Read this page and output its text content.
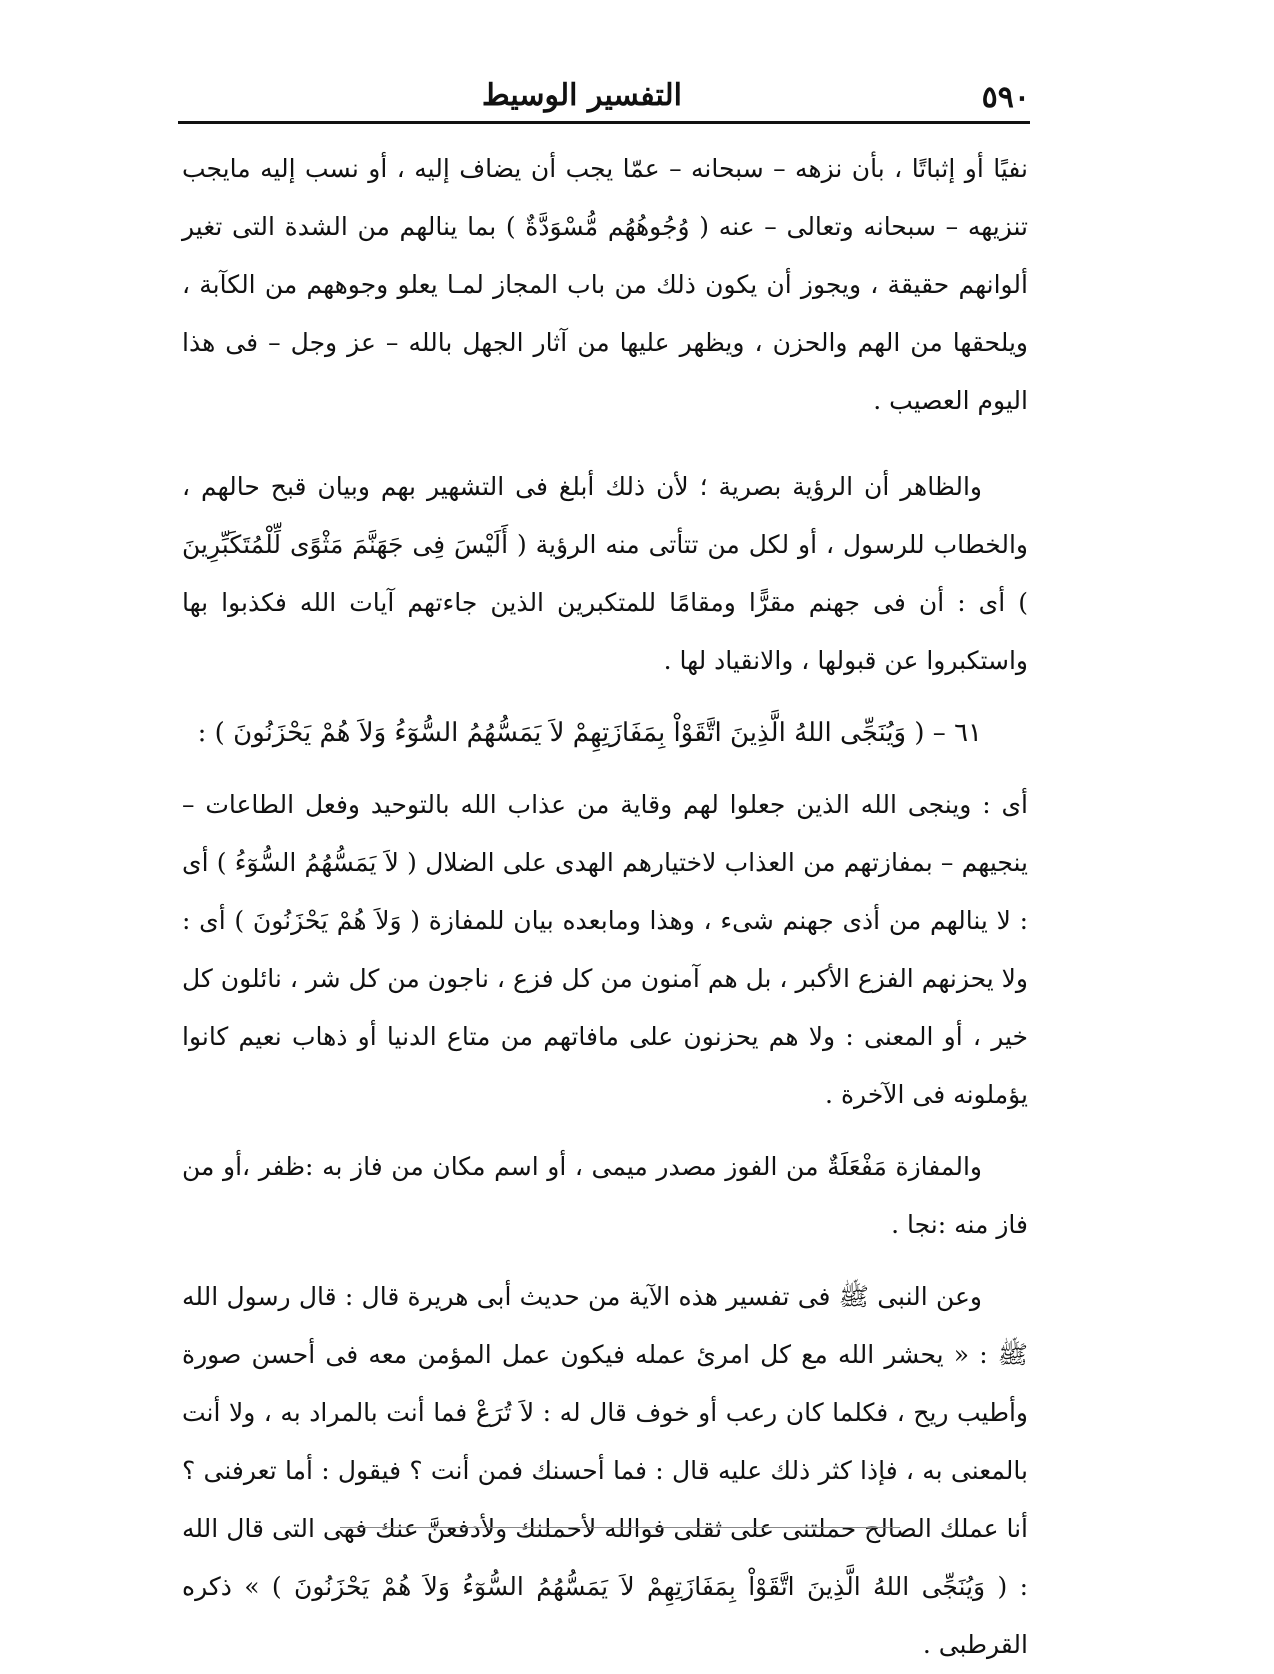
٥٩٠
التفسير الوسيط

نفيًا أو إثباتًا ، بأن نزهه – سبحانه – عمّا يجب أن يضاف إليه ، أو نسب إليه مايجب تنزيهه – سبحانه وتعالى – عنه ( وُجُوهُهُم مُّسْوَدَّةٌ ) بما ينالهم من الشدة التى تغير ألوانهم حقيقة ، ويجوز أن يكون ذلك من باب المجاز لمـا يعلو وجوههم من الكآبة ، ويلحقها من الهم والحزن ، ويظهر عليها من آثار الجهل بالله – عز وجل – فى هذا اليوم العصيب .

والظاهر أن الرؤية بصرية ؛ لأن ذلك أبلغ فى التشهير بهم وبيان قبح حالهم ، والخطاب للرسول ، أو لكل من تتأتى منه الرؤية ( أَلَيْسَ فِى جَهَنَّمَ مَثْوًى لِّلْمُتَكَبِّرِينَ ) أى : أن فى جهنم مقرًّا ومقامًا للمتكبرين الذين جاءتهم آيات الله فكذبوا بها واستكبروا عن قبولها ، والانقياد لها .

٦١ – ( وَيُنَجِّى اللهُ الَّذِينَ اتَّقَوْاْ بِمَفَازَتِهِمْ لاَ يَمَسُّهُمُ السُّوٓءُ وَلاَ هُمْ يَحْزَنُونَ ) :

أى : وينجى الله الذين جعلوا لهم وقاية من عذاب الله بالتوحيد وفعل الطاعات – ينجيهم – بمفازتهم من العذاب لاختيارهم الهدى على الضلال ( لاَ يَمَسُّهُمُ السُّوٓءُ ) أى : لا ينالهم من أذى جهنم شىء ، وهذا ومابعده بيان للمفازة ( وَلاَ هُمْ يَحْزَنُونَ ) أى : ولا يحزنهم الفزع الأكبر ، بل هم آمنون من كل فزع ، ناجون من كل شر ، نائلون كل خير ، أو المعنى : ولا هم يحزنون على مافاتهم من متاع الدنيا أو ذهاب نعيم كانوا يؤملونه فى الآخرة .

والمفازة مَفْعَلَةٌ من الفوز مصدر ميمى ، أو اسم مكان من فاز به :ظفر ،أو من فاز منه :نجا .

وعن النبى ﷺ فى تفسير هذه الآية من حديث أبى هريرة قال : قال رسول الله ﷺ : « يحشر الله مع كل امرئ عمله فيكون عمل المؤمن معه فى أحسن صورة وأطيب ريح ، فكلما كان رعب أو خوف قال له : لاَ تُرَعْ فما أنت بالمراد به ، ولا أنت بالمعنى به ، فإذا كثر ذلك عليه قال : فما أحسنك فمن أنت ؟ فيقول : أما تعرفنى ؟ أنا عملك الصالح حملتنى على ثقلى فوالله لأحملنك ولأدفعنَّ عنك فهى التى قال الله : ( وَيُنَجِّى اللهُ الَّذِينَ اتَّقَوْاْ بِمَفَازَتِهِمْ لاَ يَمَسُّهُمُ السُّوٓءُ وَلاَ هُمْ يَحْزَنُونَ ) » ذكره القرطبى .
